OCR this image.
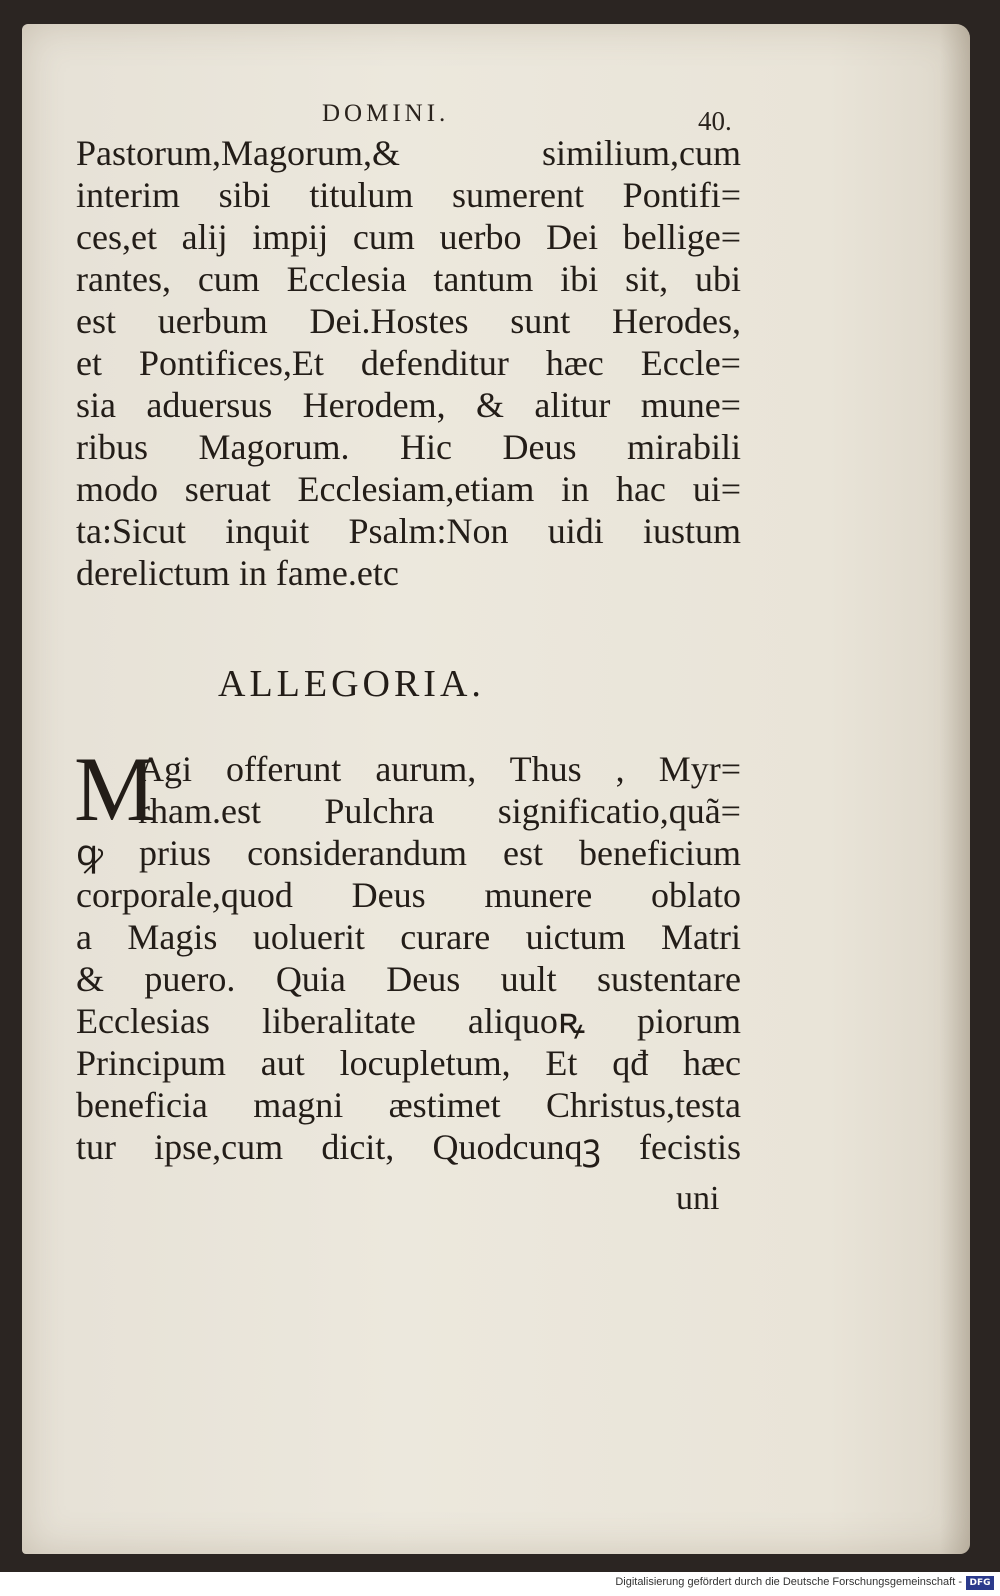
DOMINI.	40.
Pastorum,Magorum,& similium,cum
interim sibi titulum sumerent Pontifi=
ces,et alij impij cum uerbo Dei bellige=
rantes, cum Ecclesia tantum ibi sit, ubi
est uerbum Dei.Hostes sunt Herodes,
et Pontifices,Et defenditur hæc Eccle=
sia aduersus Herodem, & alitur mune=
ribus Magorum. Hic Deus mirabili
modo seruat Ecclesiam,etiam in hac ui=
ta:Sicut inquit Psalm:Non uidi iustum
derelictum in fame.etc
ALLEGORIA.
M
Agi offerunt aurum, Thus , Myr=
rham.est Pulchra significatio,quã=
ꝙ prius considerandum est beneficium
corporale,quod Deus munere oblato
a Magis uoluerit curare uictum Matri
& puero. Quia Deus uult sustentare
Ecclesias liberalitate aliquoꝶ piorum
Principum aut locupletum, Et qđ hæc
beneficia magni æstimet Christus,testa
tur ipse,cum dicit, Quodcunqꝫ fecistis
uni
Digitalisierung gefördert durch die Deutsche Forschungsgemeinschaft - DFG
